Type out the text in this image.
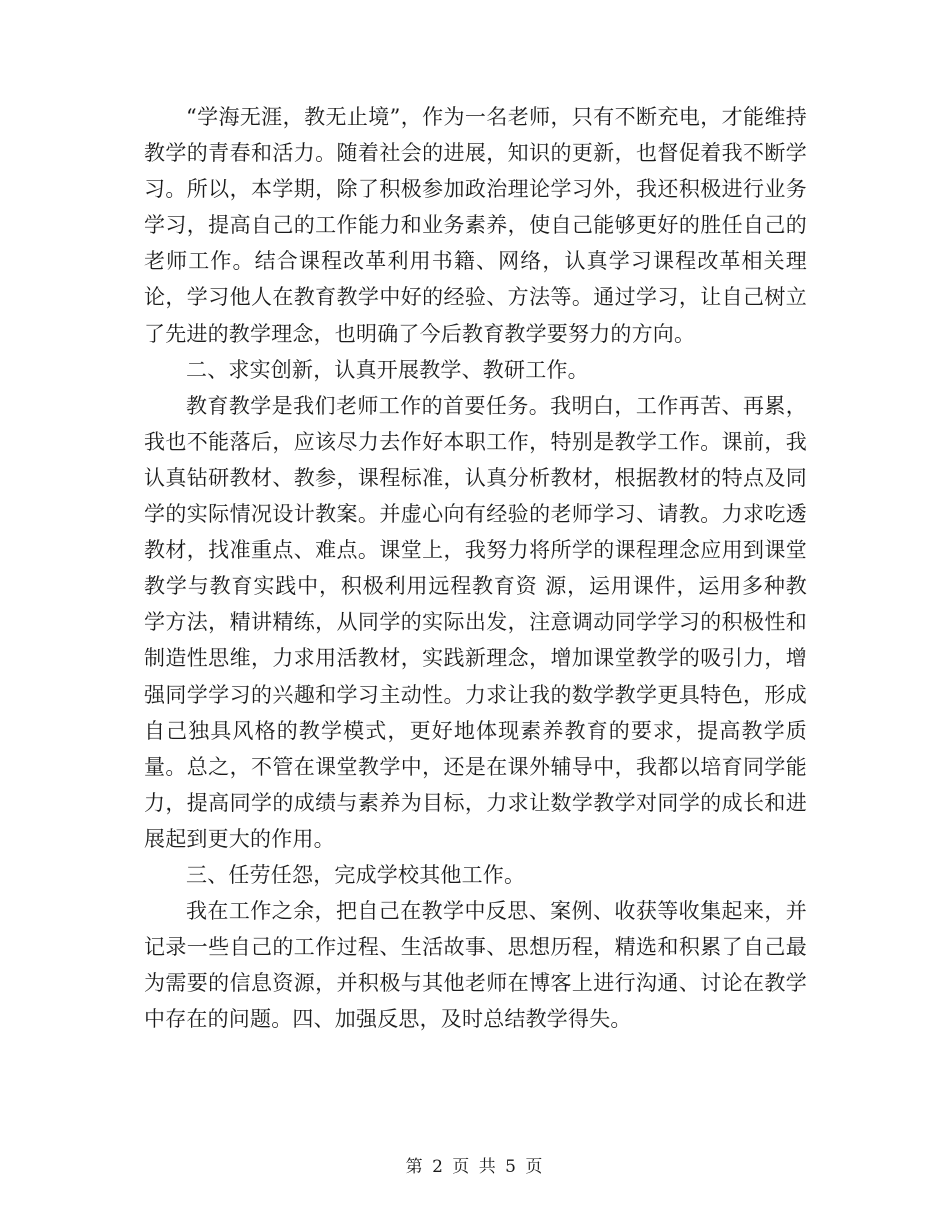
“学海无涯，教无止境”，作为一名老师，只有不断充电，才能维持教学的青春和活力。随着社会的进展，知识的更新，也督促着我不断学习。所以，本学期，除了积极参加政治理论学习外，我还积极进行业务学习，提高自己的工作能力和业务素养，使自己能够更好的胜任自己的老师工作。结合课程改革利用书籍、网络，认真学习课程改革相关理论，学习他人在教育教学中好的经验、方法等。通过学习，让自己树立了先进的教学理念，也明确了今后教育教学要努力的方向。

二、求实创新，认真开展教学、教研工作。

教育教学是我们老师工作的首要任务。我明白，工作再苦、再累，我也不能落后，应该尽力去作好本职工作，特别是教学工作。课前，我认真钻研教材、教参，课程标准，认真分析教材，根据教材的特点及同学的实际情况设计教案。并虚心向有经验的老师学习、请教。力求吃透教材，找准重点、难点。课堂上，我努力将所学的课程理念应用到课堂教学与教育实践中，积极利用远程教育资 源，运用课件，运用多种教学方法，精讲精练，从同学的实际出发，注意调动同学学习的积极性和制造性思维，力求用活教材，实践新理念，增加课堂教学的吸引力，增强同学学习的兴趣和学习主动性。力求让我的数学教学更具特色，形成自己独具风格的教学模式，更好地体现素养教育的要求，提高教学质量。总之，不管在课堂教学中，还是在课外辅导中，我都以培育同学能力，提高同学的成绩与素养为目标，力求让数学教学对同学的成长和进展起到更大的作用。

三、任劳任怨，完成学校其他工作。

我在工作之余，把自己在教学中反思、案例、收获等收集起来，并记录一些自己的工作过程、生活故事、思想历程，精选和积累了自己最为需要的信息资源，并积极与其他老师在博客上进行沟通、讨论在教学中存在的问题。四、加强反思，及时总结教学得失。

第 2 页 共 5 页
